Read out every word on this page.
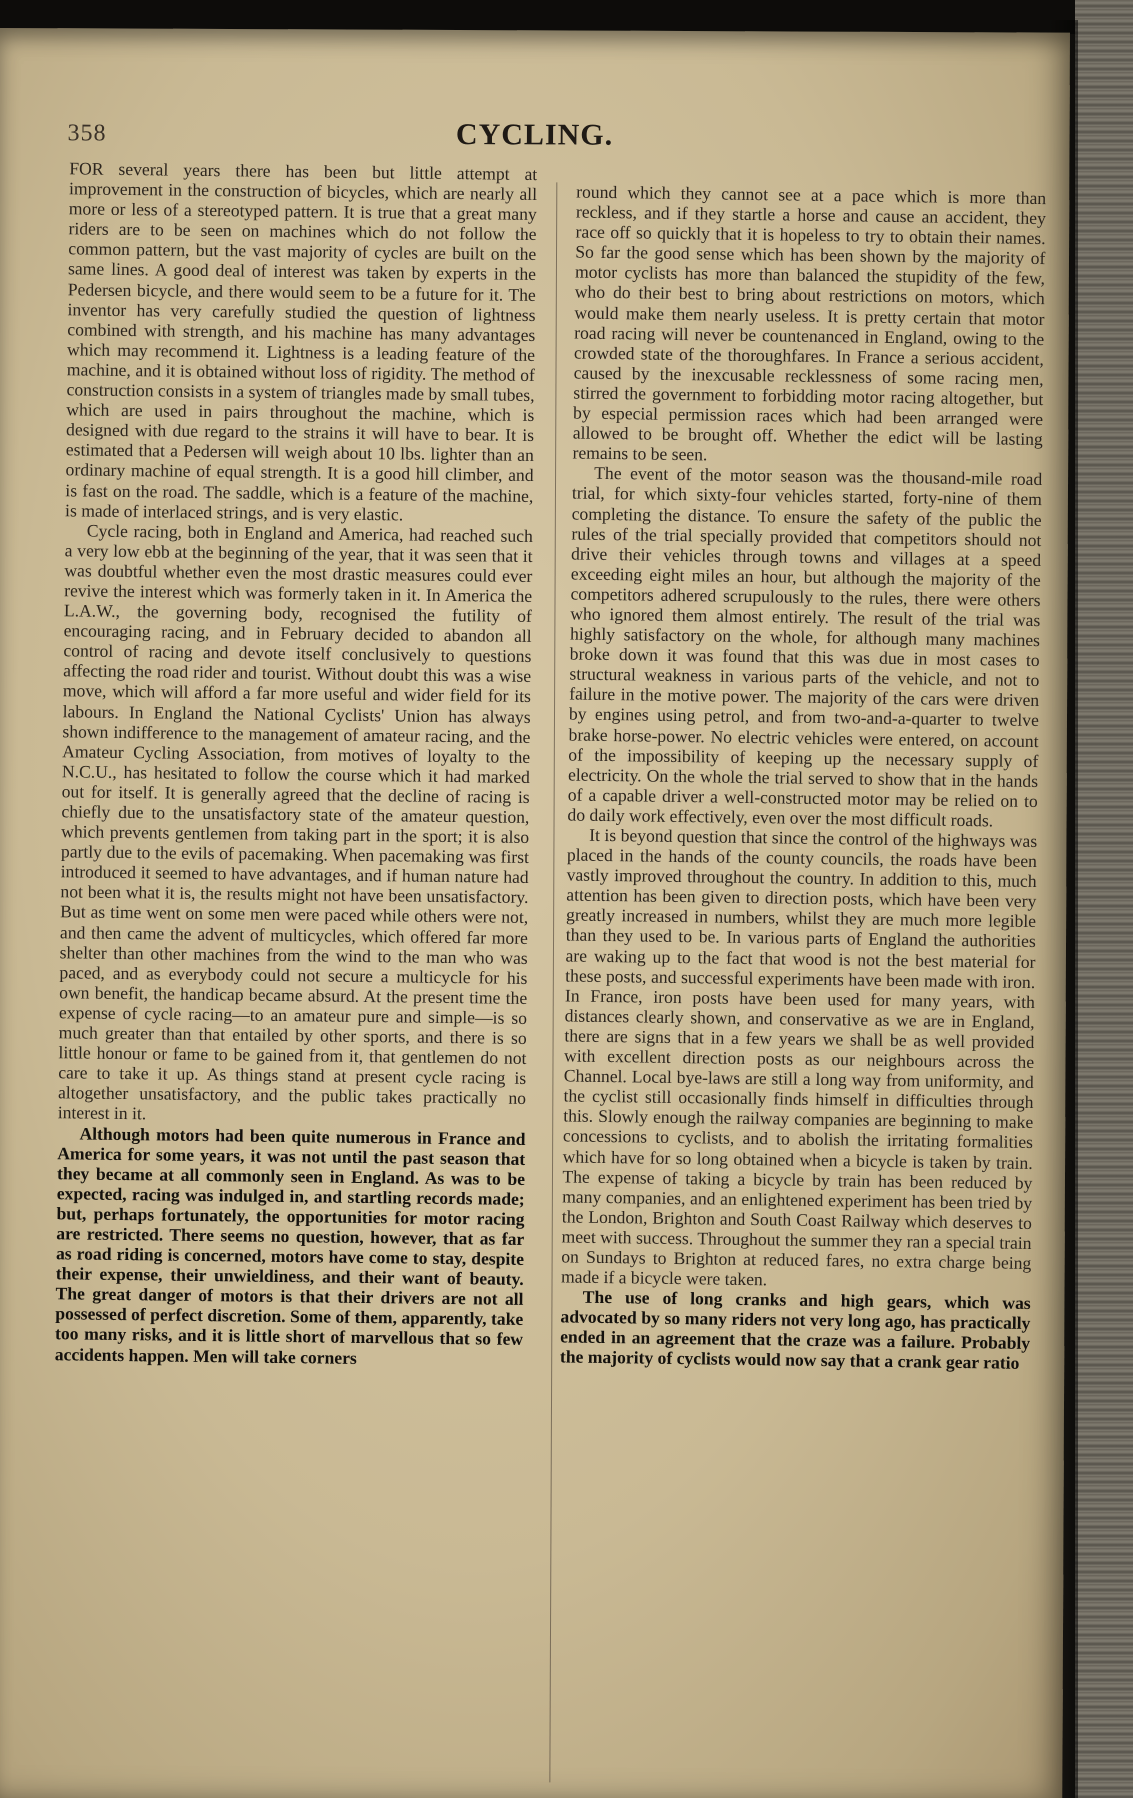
358	CYCLING.

FOR several years there has been but little attempt at improvement in the construction of bicycles, which are nearly all more or less of a stereotyped pattern. It is true that a great many riders are to be seen on machines which do not follow the common pattern, but the vast majority of cycles are built on the same lines. A good deal of interest was taken by experts in the Pedersen bicycle, and there would seem to be a future for it. The inventor has very carefully studied the question of lightness combined with strength, and his machine has many advantages which may recommend it. Lightness is a leading feature of the machine, and it is obtained without loss of rigidity. The method of construction consists in a system of triangles made by small tubes, which are used in pairs throughout the machine, which is designed with due regard to the strains it will have to bear. It is estimated that a Pedersen will weigh about 10 lbs. lighter than an ordinary machine of equal strength. It is a good hill climber, and is fast on the road. The saddle, which is a feature of the machine, is made of interlaced strings, and is very elastic.

Cycle racing, both in England and America, had reached such a very low ebb at the beginning of the year, that it was seen that it was doubtful whether even the most drastic measures could ever revive the interest which was formerly taken in it. In America the L.A.W., the governing body, recognised the futility of encouraging racing, and in February decided to abandon all control of racing and devote itself conclusively to questions affecting the road rider and tourist. Without doubt this was a wise move, which will afford a far more useful and wider field for its labours. In England the National Cyclists' Union has always shown indifference to the management of amateur racing, and the Amateur Cycling Association, from motives of loyalty to the N.C.U., has hesitated to follow the course which it had marked out for itself. It is generally agreed that the decline of racing is chiefly due to the unsatisfactory state of the amateur question, which prevents gentlemen from taking part in the sport; it is also partly due to the evils of pacemaking. When pacemaking was first introduced it seemed to have advantages, and if human nature had not been what it is, the results might not have been unsatisfactory. But as time went on some men were paced while others were not, and then came the advent of multicycles, which offered far more shelter than other machines from the wind to the man who was paced, and as everybody could not secure a multicycle for his own benefit, the handicap became absurd. At the present time the expense of cycle racing—to an amateur pure and simple—is so much greater than that entailed by other sports, and there is so little honour or fame to be gained from it, that gentlemen do not care to take it up. As things stand at present cycle racing is altogether unsatisfactory, and the public takes practically no interest in it.

Although motors had been quite numerous in France and America for some years, it was not until the past season that they became at all commonly seen in England. As was to be expected, racing was indulged in, and startling records made; but, perhaps fortunately, the opportunities for motor racing are restricted. There seems no question, however, that as far as road riding is concerned, motors have come to stay, despite their expense, their unwieldiness, and their want of beauty. The great danger of motors is that their drivers are not all possessed of perfect discretion. Some of them, apparently, take too many risks, and it is little short of marvellous that so few accidents happen. Men will take corners

round which they cannot see at a pace which is more than reckless, and if they startle a horse and cause an accident, they race off so quickly that it is hopeless to try to obtain their names. So far the good sense which has been shown by the majority of motor cyclists has more than balanced the stupidity of the few, who do their best to bring about restrictions on motors, which would make them nearly useless. It is pretty certain that motor road racing will never be countenanced in England, owing to the crowded state of the thoroughfares. In France a serious accident, caused by the inexcusable recklessness of some racing men, stirred the government to forbidding motor racing altogether, but by especial permission races which had been arranged were allowed to be brought off. Whether the edict will be lasting remains to be seen.

The event of the motor season was the thousand-mile road trial, for which sixty-four vehicles started, forty-nine of them completing the distance. To ensure the safety of the public the rules of the trial specially provided that competitors should not drive their vehicles through towns and villages at a speed exceeding eight miles an hour, but although the majority of the competitors adhered scrupulously to the rules, there were others who ignored them almost entirely. The result of the trial was highly satisfactory on the whole, for although many machines broke down it was found that this was due in most cases to structural weakness in various parts of the vehicle, and not to failure in the motive power. The majority of the cars were driven by engines using petrol, and from two-and-a-quarter to twelve brake horse-power. No electric vehicles were entered, on account of the impossibility of keeping up the necessary supply of electricity. On the whole the trial served to show that in the hands of a capable driver a well-constructed motor may be relied on to do daily work effectively, even over the most difficult roads.

It is beyond question that since the control of the highways was placed in the hands of the county councils, the roads have been vastly improved throughout the country. In addition to this, much attention has been given to direction posts, which have been very greatly increased in numbers, whilst they are much more legible than they used to be. In various parts of England the authorities are waking up to the fact that wood is not the best material for these posts, and successful experiments have been made with iron. In France, iron posts have been used for many years, with distances clearly shown, and conservative as we are in England, there are signs that in a few years we shall be as well provided with excellent direction posts as our neighbours across the Channel. Local bye-laws are still a long way from uniformity, and the cyclist still occasionally finds himself in difficulties through this. Slowly enough the railway companies are beginning to make concessions to cyclists, and to abolish the irritating formalities which have for so long obtained when a bicycle is taken by train. The expense of taking a bicycle by train has been reduced by many companies, and an enlightened experiment has been tried by the London, Brighton and South Coast Railway which deserves to meet with success. Throughout the summer they ran a special train on Sundays to Brighton at reduced fares, no extra charge being made if a bicycle were taken.

The use of long cranks and high gears, which was advocated by so many riders not very long ago, has practically ended in an agreement that the craze was a failure. Probably the majority of cyclists would now say that a crank gear ratio
